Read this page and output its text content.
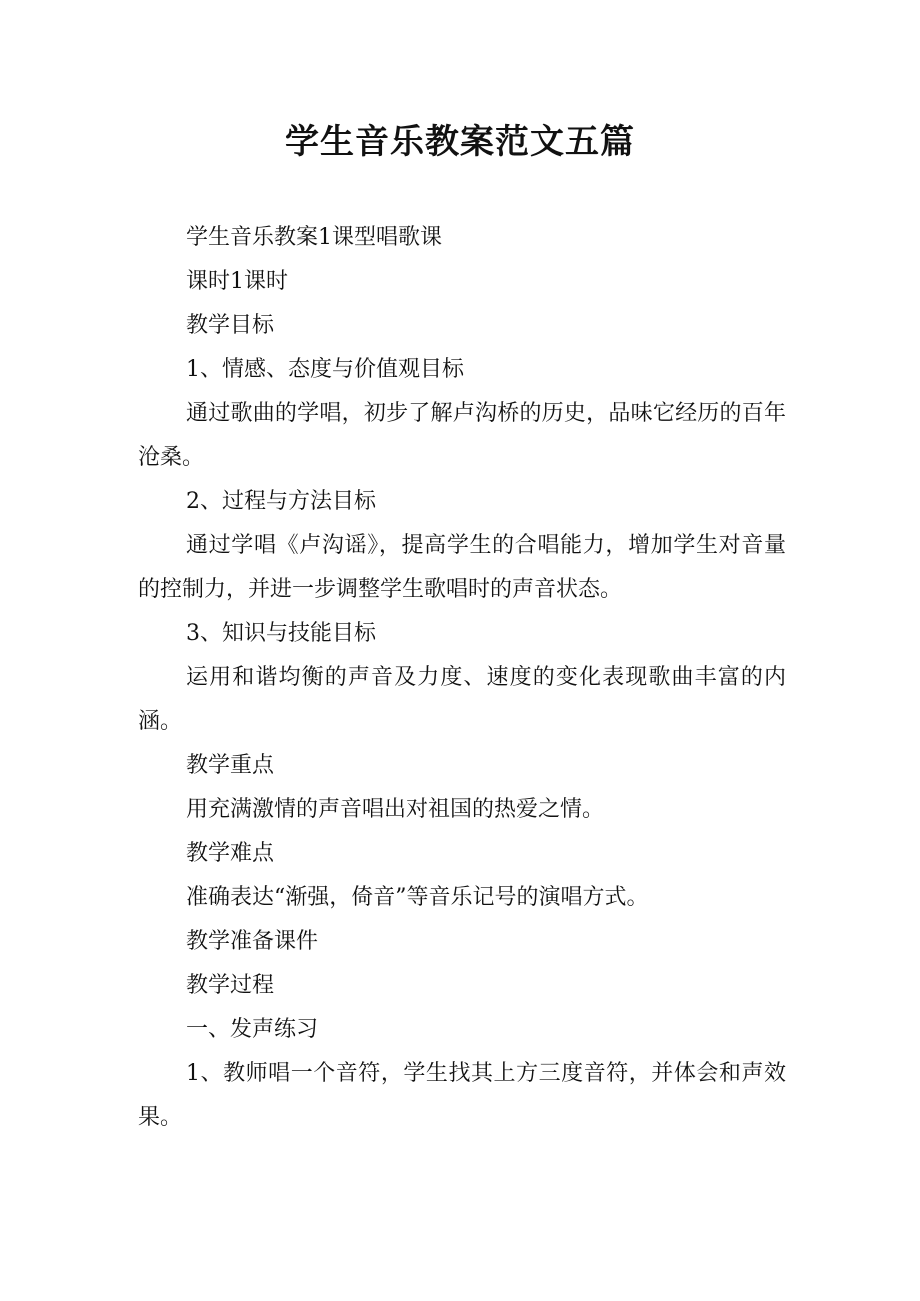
学生音乐教案范文五篇

学生音乐教案1课型唱歌课

课时1课时

教学目标

1、情感、态度与价值观目标

通过歌曲的学唱，初步了解卢沟桥的历史，品味它经历的百年沧桑。

2、过程与方法目标

通过学唱《卢沟谣》，提高学生的合唱能力，增加学生对音量的控制力，并进一步调整学生歌唱时的声音状态。

3、知识与技能目标

运用和谐均衡的声音及力度、速度的变化表现歌曲丰富的内涵。

教学重点

用充满激情的声音唱出对祖国的热爱之情。

教学难点

准确表达“渐强，倚音”等音乐记号的演唱方式。

教学准备课件

教学过程

一、发声练习

1、教师唱一个音符，学生找其上方三度音符，并体会和声效果。
